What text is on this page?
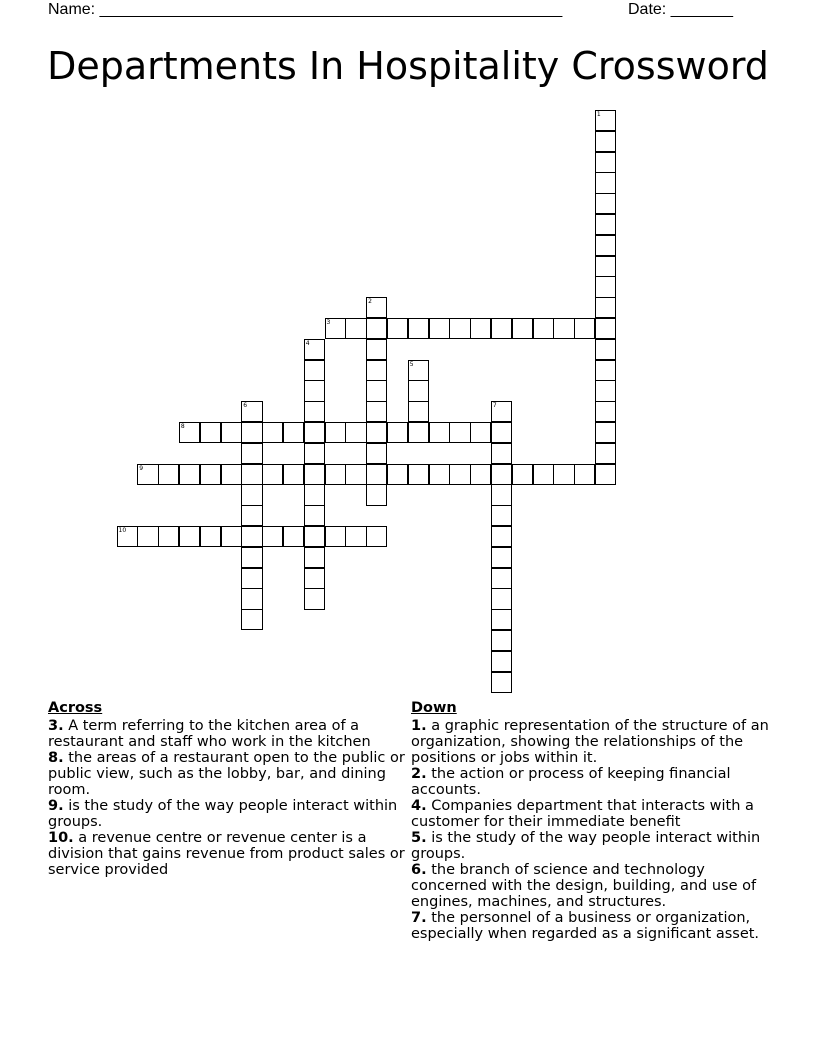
Name: ____________________________________________________	Date: _______
Departments In Hospitality Crossword
1
2
3
4
5
6	7
8
9
10
Across
3. A term referring to the kitchen area of a restaurant and staff who work in the kitchen
8. the areas of a restaurant open to the public or public view, such as the lobby, bar, and dining room.
9. is the study of the way people interact within groups.
10. a revenue centre or revenue center is a division that gains revenue from product sales or service provided
Down
1. a graphic representation of the structure of an organization, showing the relationships of the positions or jobs within it.
2. the action or process of keeping financial accounts.
4. Companies department that interacts with a customer for their immediate benefit
5. is the study of the way people interact within groups.
6. the branch of science and technology concerned with the design, building, and use of engines, machines, and structures.
7. the personnel of a business or organization, especially when regarded as a significant asset.
